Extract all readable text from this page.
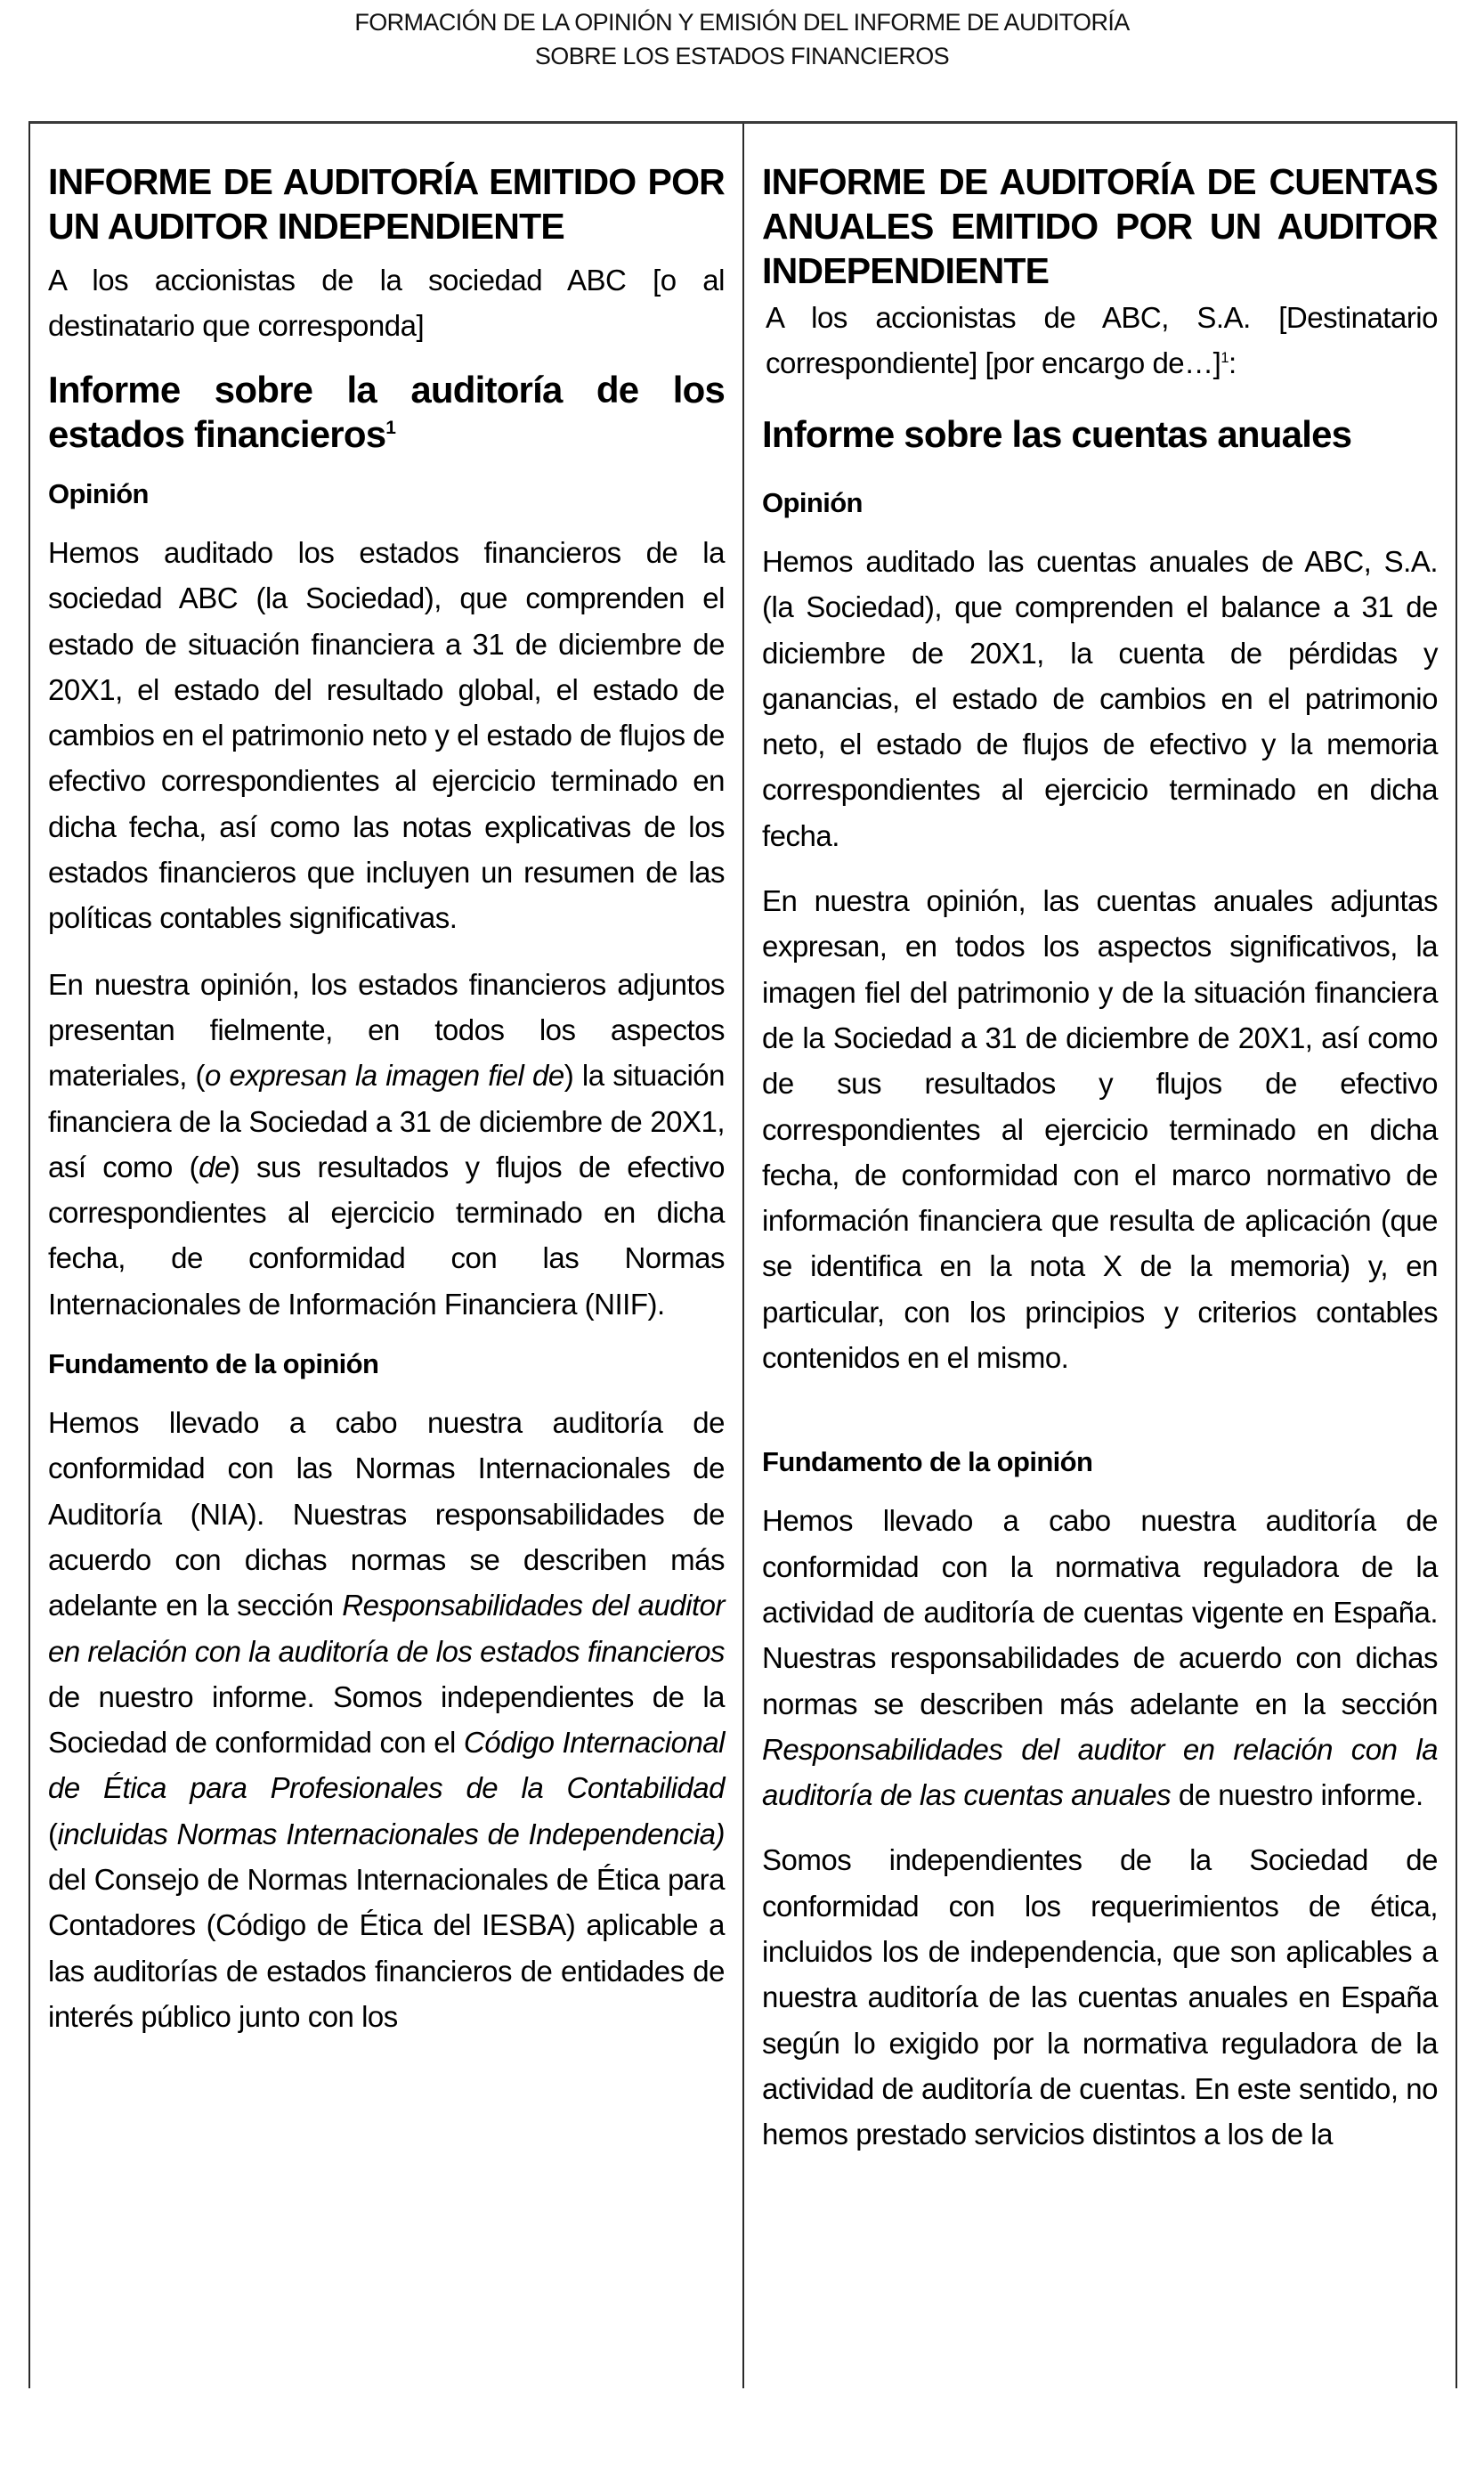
FORMACIÓN DE LA OPINIÓN Y EMISIÓN DEL INFORME DE AUDITORÍA
SOBRE LOS ESTADOS FINANCIEROS
INFORME DE AUDITORÍA EMITIDO POR UN AUDITOR INDEPENDIENTE

A los accionistas de la sociedad ABC [o al destinatario que corresponda]

Informe sobre la auditoría de los estados financieros$^1$
Opinión

Hemos auditado los estados financieros de la sociedad ABC (la Sociedad), que comprenden el estado de situación financiera a 31 de diciembre de 20X1, el estado del resultado global, el estado de cambios en el patrimonio neto y el estado de flujos de efectivo correspondientes al ejercicio terminado en dicha fecha, así como las notas explicativas de los estados financieros que incluyen un resumen de las políticas contables significativas.

En nuestra opinión, los estados financieros adjuntos presentan fielmente, en todos los aspectos materiales, (o expresan la imagen fiel de) la situación financiera de la Sociedad a 31 de diciembre de 20X1, así como (de) sus resultados y flujos de efectivo correspondientes al ejercicio terminado en dicha fecha, de conformidad con las Normas Internacionales de Información Financiera (NIIF).

Fundamento de la opinión

Hemos llevado a cabo nuestra auditoría de conformidad con las Normas Internacionales de Auditoría (NIA). Nuestras responsabilidades de acuerdo con dichas normas se describen más adelante en la sección Responsabilidades del auditor en relación con la auditoría de los estados financieros de nuestro informe. Somos independientes de la Sociedad de conformidad con el Código Internacional de Ética para Profesionales de la Contabilidad (incluidas Normas Internacionales de Independencia) del Consejo de Normas Internacionales de Ética para Contadores (Código de Ética del IESBA) aplicable a las auditorías de estados financieros de entidades de interés público junto con los

INFORME DE AUDITORÍA DE CUENTAS ANUALES EMITIDO POR UN AUDITOR INDEPENDIENTE

A los accionistas de ABC, S.A. [Destinatario correspondiente] [por encargo de…]$^1$:

Informe sobre las cuentas anuales
Opinión

Hemos auditado las cuentas anuales de ABC, S.A. (la Sociedad), que comprenden el balance a 31 de diciembre de 20X1, la cuenta de pérdidas y ganancias, el estado de cambios en el patrimonio neto, el estado de flujos de efectivo y la memoria correspondientes al ejercicio terminado en dicha fecha.

En nuestra opinión, las cuentas anuales adjuntas expresan, en todos los aspectos significativos, la imagen fiel del patrimonio y de la situación financiera de la Sociedad a 31 de diciembre de 20X1, así como de sus resultados y flujos de efectivo correspondientes al ejercicio terminado en dicha fecha, de conformidad con el marco normativo de información financiera que resulta de aplicación (que se identifica en la nota X de la memoria) y, en particular, con los principios y criterios contables contenidos en el mismo.

Fundamento de la opinión

Hemos llevado a cabo nuestra auditoría de conformidad con la normativa reguladora de la actividad de auditoría de cuentas vigente en España. Nuestras responsabilidades de acuerdo con dichas normas se describen más adelante en la sección Responsabilidades del auditor en relación con la auditoría de las cuentas anuales de nuestro informe.

Somos independientes de la Sociedad de conformidad con los requerimientos de ética, incluidos los de independencia, que son aplicables a nuestra auditoría de las cuentas anuales en España según lo exigido por la normativa reguladora de la actividad de auditoría de cuentas. En este sentido, no hemos prestado servicios distintos a los de la
